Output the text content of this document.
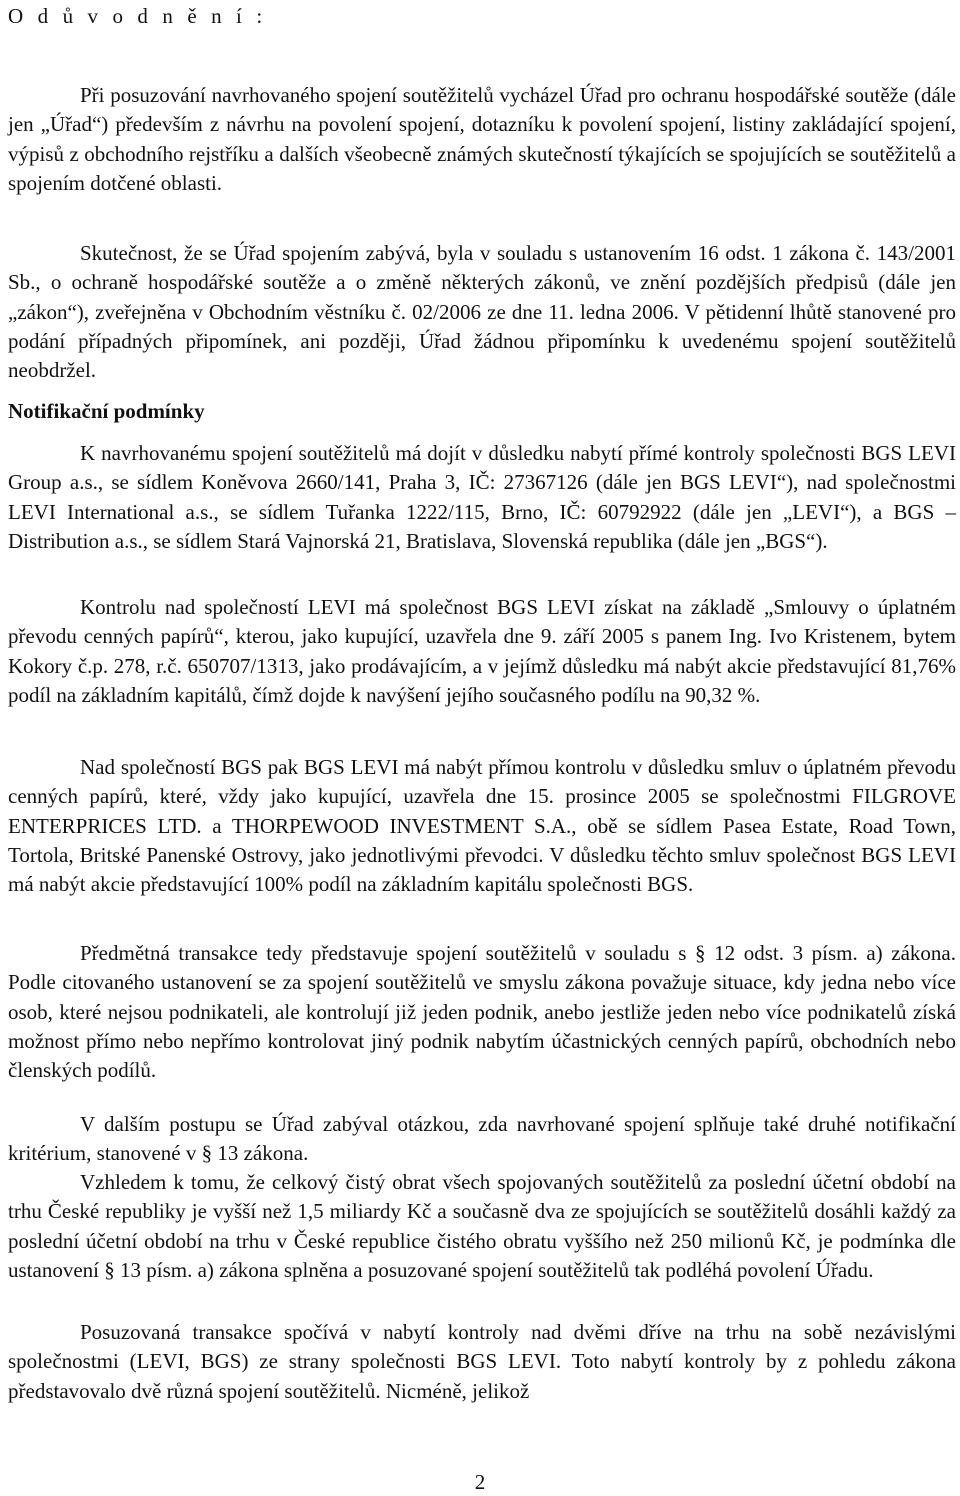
O d ů v o d n ě n í :

Při posuzování navrhovaného spojení soutěžitelů vycházel Úřad pro ochranu hospodářské soutěže (dále jen „Úřad“) především z návrhu na povolení spojení, dotazníku k povolení spojení, listiny zakládající spojení, výpisů z obchodního rejstříku a dalších všeobecně známých skutečností týkajících se spojujících se soutěžitelů a spojením dotčené oblasti.

Skutečnost, že se Úřad spojením zabývá, byla v souladu s ustanovením 16 odst. 1 zákona č. 143/2001 Sb., o ochraně hospodářské soutěže a o změně některých zákonů, ve znění pozdějších předpisů (dále jen „zákon“), zveřejněna v Obchodním věstníku č. 02/2006 ze dne 11. ledna 2006. V pětidenní lhůtě stanovené pro podání případných připomínek, ani později, Úřad žádnou připomínku k uvedenému spojení soutěžitelů neobdržel.

Notifikační podmínky

K navrhovanému spojení soutěžitelů má dojít v důsledku nabytí přímé kontroly společnosti BGS LEVI Group a.s., se sídlem Koněvova 2660/141, Praha 3, IČ: 27367126 (dále jen BGS LEVI“), nad společnostmi LEVI International a.s., se sídlem Tuřanka 1222/115, Brno, IČ: 60792922 (dále jen „LEVI“), a BGS – Distribution a.s., se sídlem Stará Vajnorská 21, Bratislava, Slovenská republika (dále jen „BGS“).

Kontrolu nad společností LEVI má společnost BGS LEVI získat na základě „Smlouvy o úplatném převodu cenných papírů“, kterou, jako kupující, uzavřela dne 9. září 2005 s panem Ing. Ivo Kristenem, bytem Kokory č.p. 278, r.č. 650707/1313, jako prodávajícím, a v jejímž důsledku má nabýt akcie představující 81,76% podíl na základním kapitálů, čímž dojde k navýšení jejího současného podílu na 90,32 %.

Nad společností BGS pak BGS LEVI má nabýt přímou kontrolu v důsledku smluv o úplatném převodu cenných papírů, které, vždy jako kupující, uzavřela dne 15. prosince 2005 se společnostmi FILGROVE ENTERPRICES LTD. a THORPEWOOD INVESTMENT S.A., obě se sídlem Pasea Estate, Road Town, Tortola, Britské Panenské Ostrovy, jako jednotlivými převodci. V důsledku těchto smluv společnost BGS LEVI má nabýt akcie představující 100% podíl na základním kapitálu společnosti BGS.

Předmětná transakce tedy představuje spojení soutěžitelů v souladu s § 12 odst. 3 písm. a) zákona. Podle citovaného ustanovení se za spojení soutěžitelů ve smyslu zákona považuje situace, kdy jedna nebo více osob, které nejsou podnikateli, ale kontrolují již jeden podnik, anebo jestliže jeden nebo více podnikatelů získá možnost přímo nebo nepřímo kontrolovat jiný podnik nabytím účastnických cenných papírů, obchodních nebo členských podílů.

V dalším postupu se Úřad zabýval otázkou, zda navrhované spojení splňuje také druhé notifikační kritérium, stanovené v § 13 zákona.

Vzhledem k tomu, že celkový čistý obrat všech spojovaných soutěžitelů za poslední účetní období na trhu České republiky je vyšší než 1,5 miliardy Kč a současně dva ze spojujících se soutěžitelů dosáhli každý za poslední účetní období na trhu v České republice čistého obratu vyššího než 250 milionů Kč, je podmínka dle ustanovení § 13 písm. a) zákona splněna a posuzované spojení soutěžitelů tak podléhá povolení Úřadu.

Posuzovaná transakce spočívá v nabytí kontroly nad dvěmi dříve na trhu na sobě nezávislými společnostmi (LEVI, BGS) ze strany společnosti BGS LEVI. Toto nabytí kontroly by z pohledu zákona představovalo dvě různá spojení soutěžitelů. Nicméně, jelikož

2
